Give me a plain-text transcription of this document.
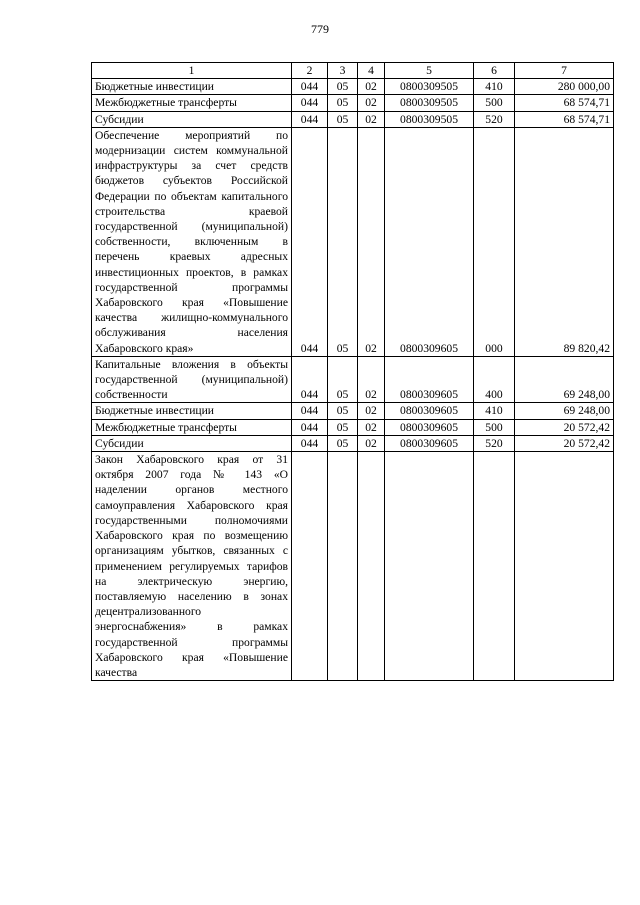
779
1	2	3	4	5	6	7
Бюджетные инвестиции	044	05	02	0800309505	410	280 000,00
Межбюджетные трансферты	044	05	02	0800309505	500	68 574,71
Субсидии	044	05	02	0800309505	520	68 574,71
Обеспечение мероприятий по модернизации систем коммунальной инфраструктуры за счет средств бюджетов субъектов Российской Федерации по объектам капитального строительства краевой государственной (муниципальной) собственности, включенным в перечень краевых адресных инвестиционных проектов, в рамках государственной программы Хабаровского края «Повышение качества жилищно-коммунального обслуживания населения Хабаровского края»	044	05	02	0800309605	000	89 820,42
Капитальные вложения в объекты государственной (муниципальной) собственности	044	05	02	0800309605	400	69 248,00
Бюджетные инвестиции	044	05	02	0800309605	410	69 248,00
Межбюджетные трансферты	044	05	02	0800309605	500	20 572,42
Субсидии	044	05	02	0800309605	520	20 572,42
Закон Хабаровского края от 31 октября 2007 года № 143 «О наделении органов местного самоуправления Хабаровского края государственными полномочиями Хабаровского края по возмещению организациям убытков, связанных с применением регулируемых тарифов на электрическую энергию, поставляемую населению в зонах децентрализованного энергоснабжения» в рамках государственной программы Хабаровского края «Повышение качества						
